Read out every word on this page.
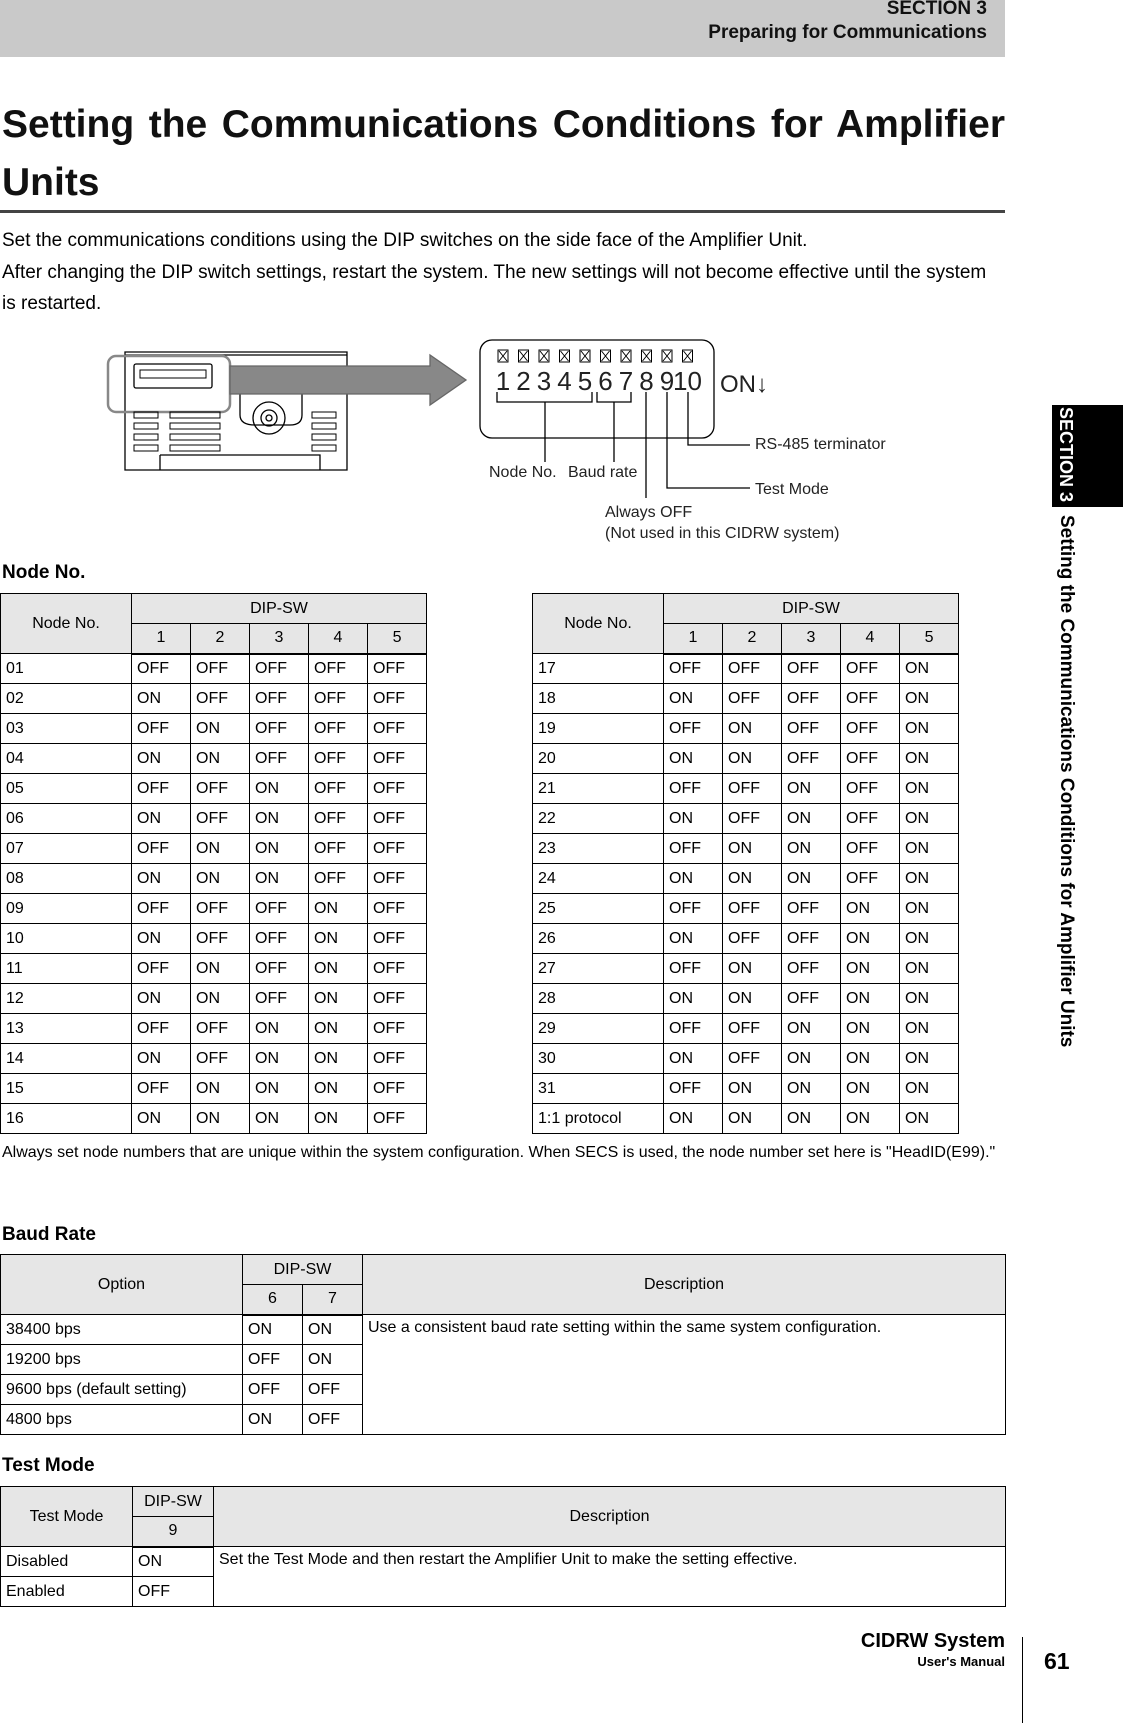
SECTION 3
Preparing for Communications
Setting the Communications Conditions for Amplifier Units
Set the communications conditions using the DIP switches on the side face of the Amplifier Unit.
After changing the DIP switch settings, restart the system. The new settings will not become effective until the system is restarted.
1 2 3 4 5 6 7 8 9
10 ON↓
RS-485 terminator
Node No. Baud rate
Test Mode
Always OFF
(Not used in this CIDRW system)
Node No.
Node No.	DIP-SW				
	1	2	3	4	5
01	OFF	OFF	OFF	OFF	OFF
02	ON	OFF	OFF	OFF	OFF
03	OFF	ON	OFF	OFF	OFF
04	ON	ON	OFF	OFF	OFF
05	OFF	OFF	ON	OFF	OFF
06	ON	OFF	ON	OFF	OFF
07	OFF	ON	ON	OFF	OFF
08	ON	ON	ON	OFF	OFF
09	OFF	OFF	OFF	ON	OFF
10	ON	OFF	OFF	ON	OFF
11	OFF	ON	OFF	ON	OFF
12	ON	ON	OFF	ON	OFF
13	OFF	OFF	ON	ON	OFF
14	ON	OFF	ON	ON	OFF
15	OFF	ON	ON	ON	OFF
16	ON	ON	ON	ON	OFF
Node No.	DIP-SW				
	1	2	3	4	5
17	OFF	OFF	OFF	OFF	ON
18	ON	OFF	OFF	OFF	ON
19	OFF	ON	OFF	OFF	ON
20	ON	ON	OFF	OFF	ON
21	OFF	OFF	ON	OFF	ON
22	ON	OFF	ON	OFF	ON
23	OFF	ON	ON	OFF	ON
24	ON	ON	ON	OFF	ON
25	OFF	OFF	OFF	ON	ON
26	ON	OFF	OFF	ON	ON
27	OFF	ON	OFF	ON	ON
28	ON	ON	OFF	ON	ON
29	OFF	OFF	ON	ON	ON
30	ON	OFF	ON	ON	ON
31	OFF	ON	ON	ON	ON
1:1 protocol	ON	ON	ON	ON	ON
Always set node numbers that are unique within the system configuration. When SECS is used, the node number set here is "HeadID(E99)."
Baud Rate
Option	DIP-SW		Description
	6	7	
38400 bps	ON	ON	Use a consistent baud rate setting within the same system configuration.
19200 bps	OFF	ON	
9600 bps (default setting)	OFF	OFF	
4800 bps	ON	OFF	
Test Mode
Test Mode	DIP-SW	Description
	9	
Disabled	ON	Set the Test Mode and then restart the Amplifier Unit to make the setting effective.
Enabled	OFF	
CIDRW System
User's Manual 61
SECTION 3
Setting the Communications Conditions for Amplifier Units
